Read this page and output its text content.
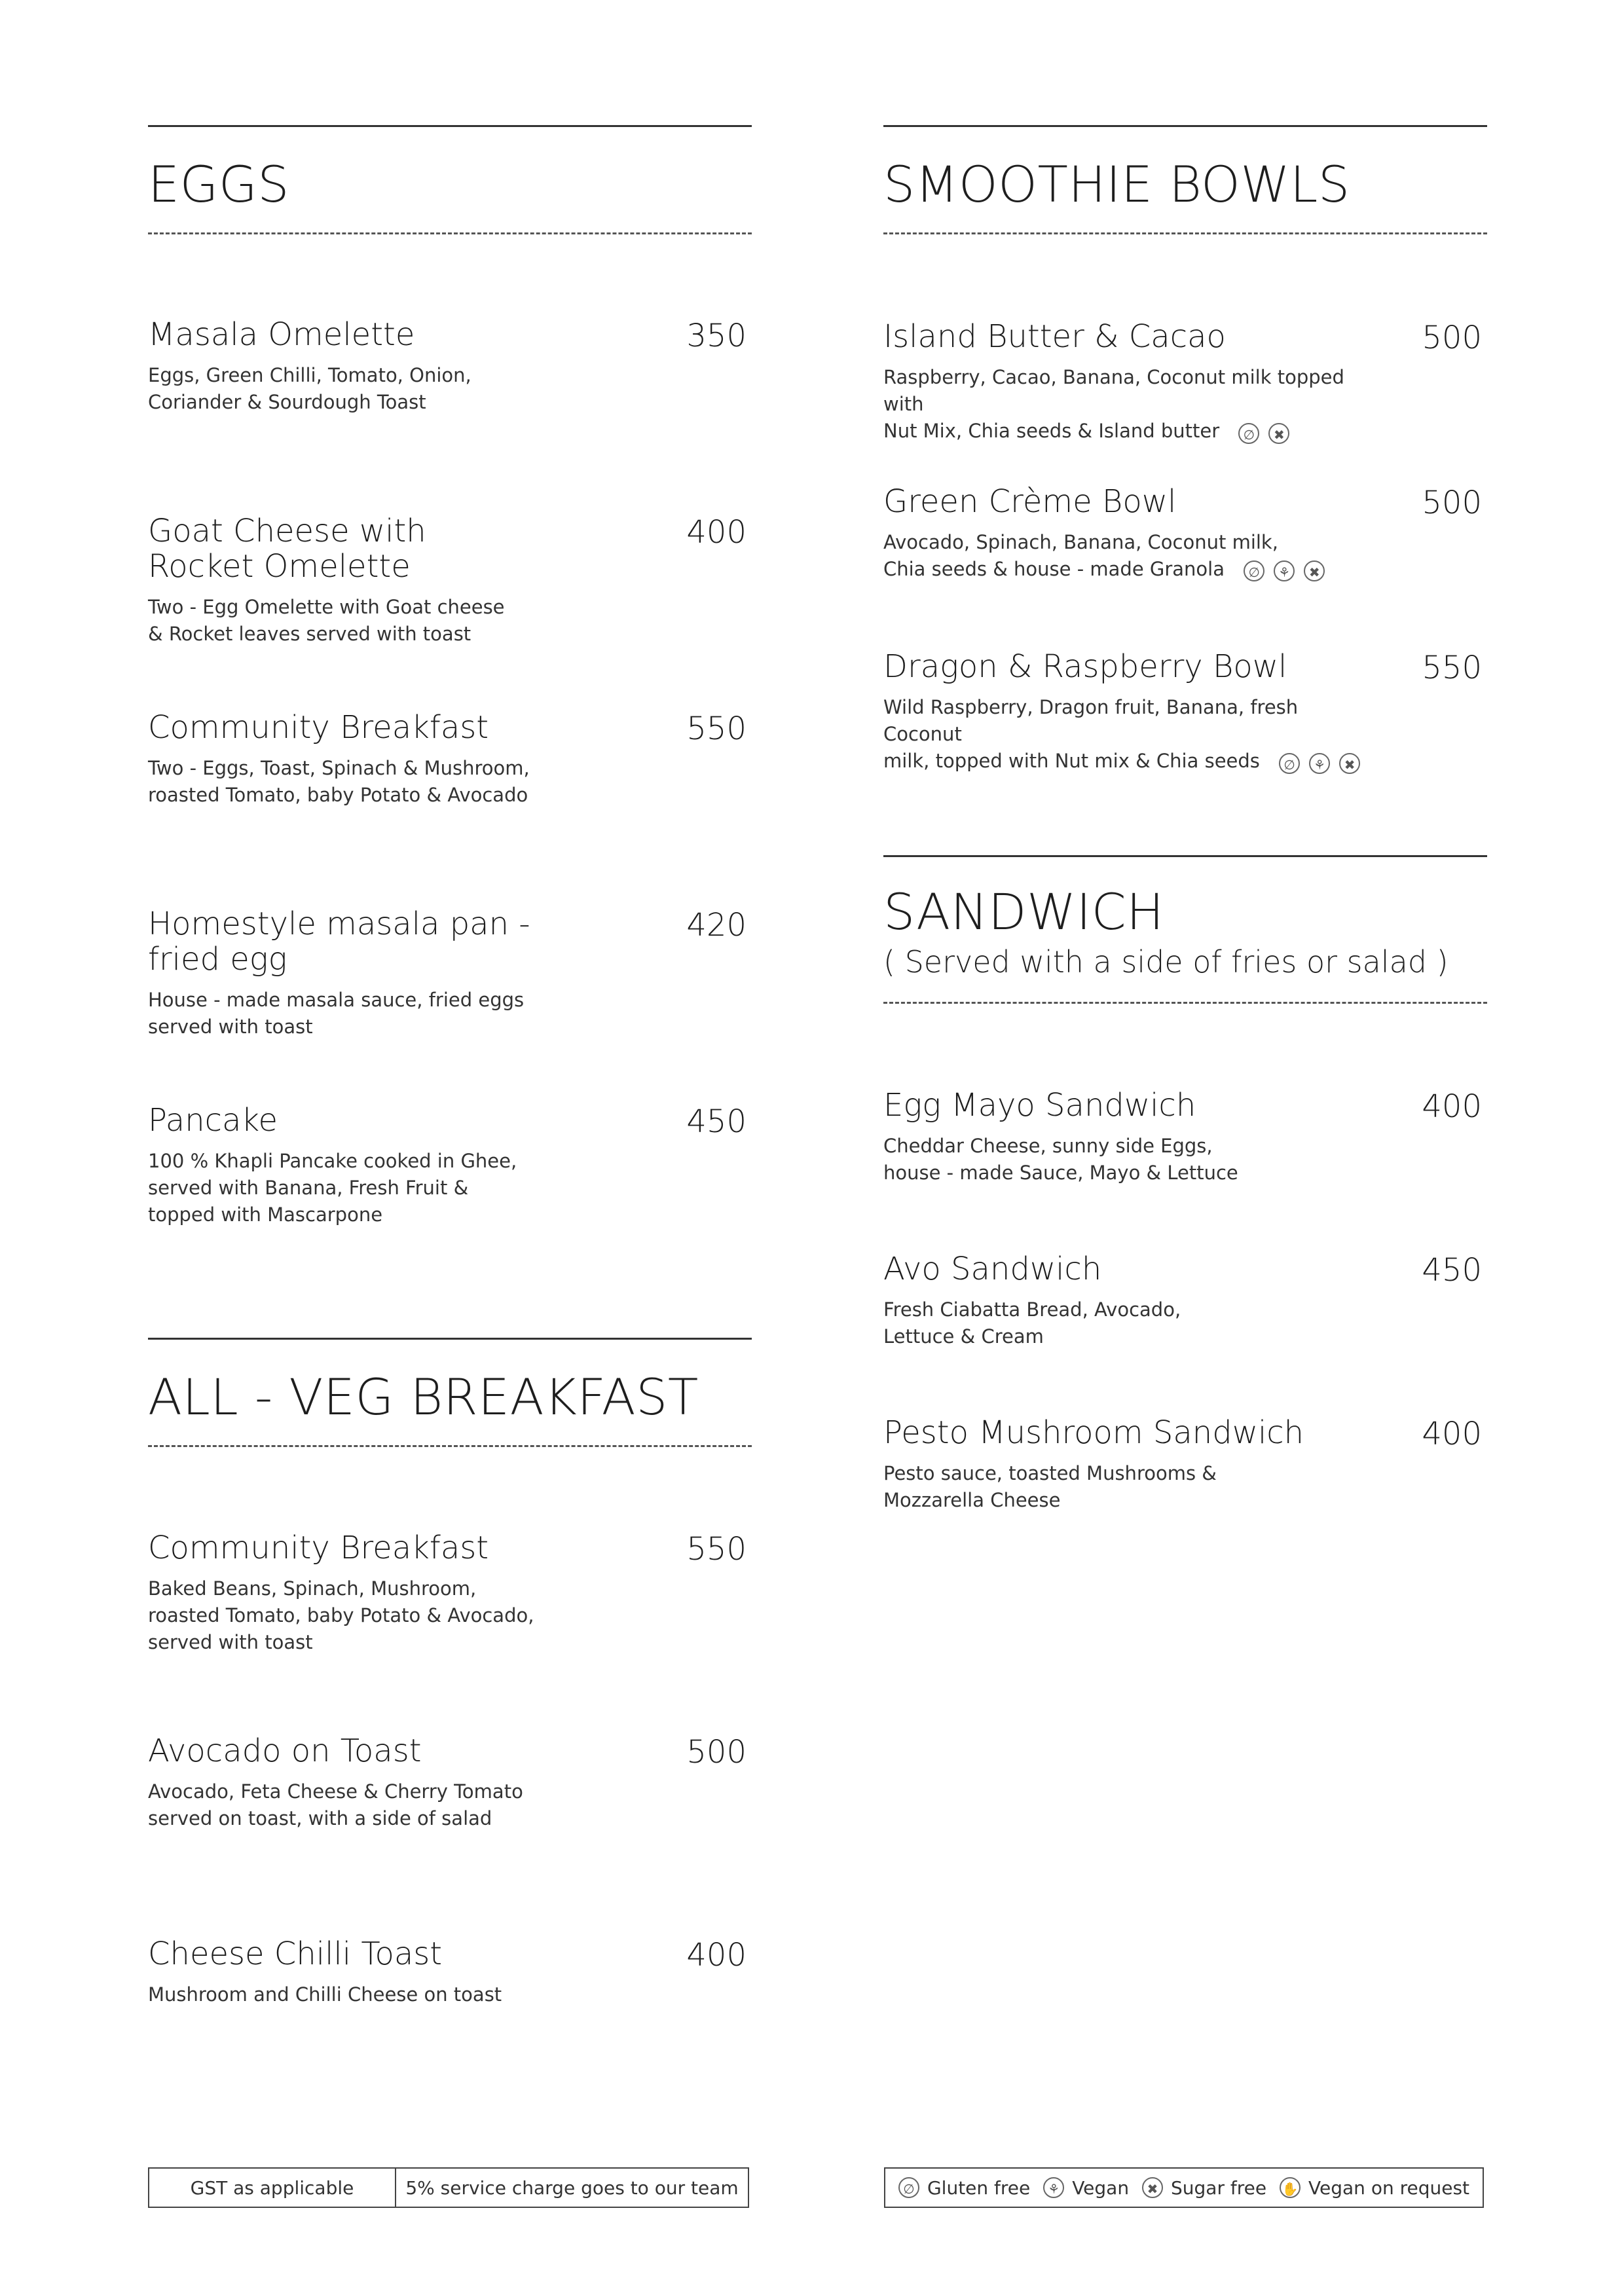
EGGS
Masala Omelette	350
Eggs, Green Chilli, Tomato, Onion,
Coriander & Sourdough Toast
Goat Cheese with
Rocket Omelette
400
Two - Egg Omelette with Goat cheese
& Rocket leaves served with toast
Community Breakfast	550
Two - Eggs, Toast, Spinach & Mushroom,
roasted Tomato, baby Potato & Avocado
Homestyle masala pan - fried egg
420
House - made masala sauce, fried eggs
served with toast
Pancake	450
100 % Khapli Pancake cooked in Ghee,
served with Banana, Fresh Fruit &
topped with Mascarpone
ALL - VEG BREAKFAST
Community Breakfast	550
Baked Beans, Spinach, Mushroom,
roasted Tomato, baby Potato & Avocado,
served with toast
Avocado on Toast	500
Avocado, Feta Cheese & Cherry Tomato
served on toast, with a side of salad
Cheese Chilli Toast	400
Mushroom and Chilli Cheese on toast
SMOOTHIE BOWLS
Island Butter & Cacao	500
Raspberry, Cacao, Banana, Coconut milk topped with
Nut Mix, Chia seeds & Island butter ∅ ✖
Green Crème Bowl	500
Avocado, Spinach, Banana, Coconut milk,
Chia seeds & house - made Granola ∅ ⚘ ✖
Dragon & Raspberry Bowl	550
Wild Raspberry, Dragon fruit, Banana, fresh Coconut
milk, topped with Nut mix & Chia seeds ∅ ⚘ ✖
SANDWICH
( Served with a side of fries or salad )
Egg Mayo Sandwich	400
Cheddar Cheese, sunny side Eggs,
house - made Sauce, Mayo & Lettuce
Avo Sandwich	450
Fresh Ciabatta Bread, Avocado,
Lettuce & Cream
Pesto Mushroom Sandwich	400
Pesto sauce, toasted Mushrooms &
Mozzarella Cheese
GST as applicable	5% service charge goes to our team	∅ Gluten free	⚘ Vegan	✖ Sugar free ✋ Vegan on request
